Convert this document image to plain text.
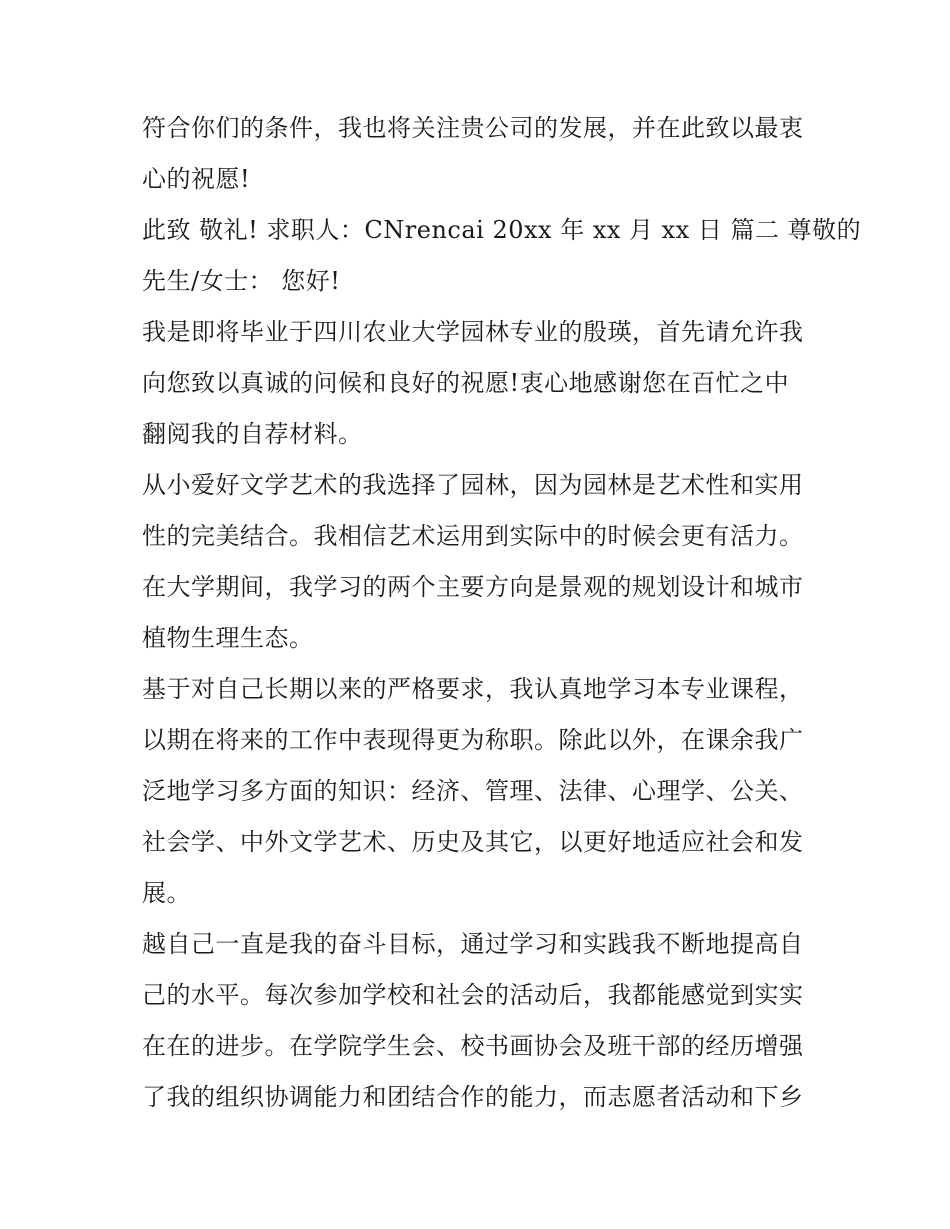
符合你们的条件，我也将关注贵公司的发展，并在此致以最衷
心的祝愿!
此致 敬礼! 求职人：CNrencai 20xx 年 xx 月 xx 日 篇二 尊敬的
先生/女士： 您好!
我是即将毕业于四川农业大学园林专业的殷瑛，首先请允许我
向您致以真诚的问候和良好的祝愿!衷心地感谢您在百忙之中
翻阅我的自荐材料。
从小爱好文学艺术的我选择了园林，因为园林是艺术性和实用
性的完美结合。我相信艺术运用到实际中的时候会更有活力。
在大学期间，我学习的两个主要方向是景观的规划设计和城市
植物生理生态。
基于对自己长期以来的严格要求，我认真地学习本专业课程，
以期在将来的工作中表现得更为称职。除此以外，在课余我广
泛地学习多方面的知识：经济、管理、法律、心理学、公关、
社会学、中外文学艺术、历史及其它，以更好地适应社会和发
展。
越自己一直是我的奋斗目标，通过学习和实践我不断地提高自
己的水平。每次参加学校和社会的活动后，我都能感觉到实实
在在的进步。在学院学生会、校书画协会及班干部的经历增强
了我的组织协调能力和团结合作的能力，而志愿者活动和下乡
